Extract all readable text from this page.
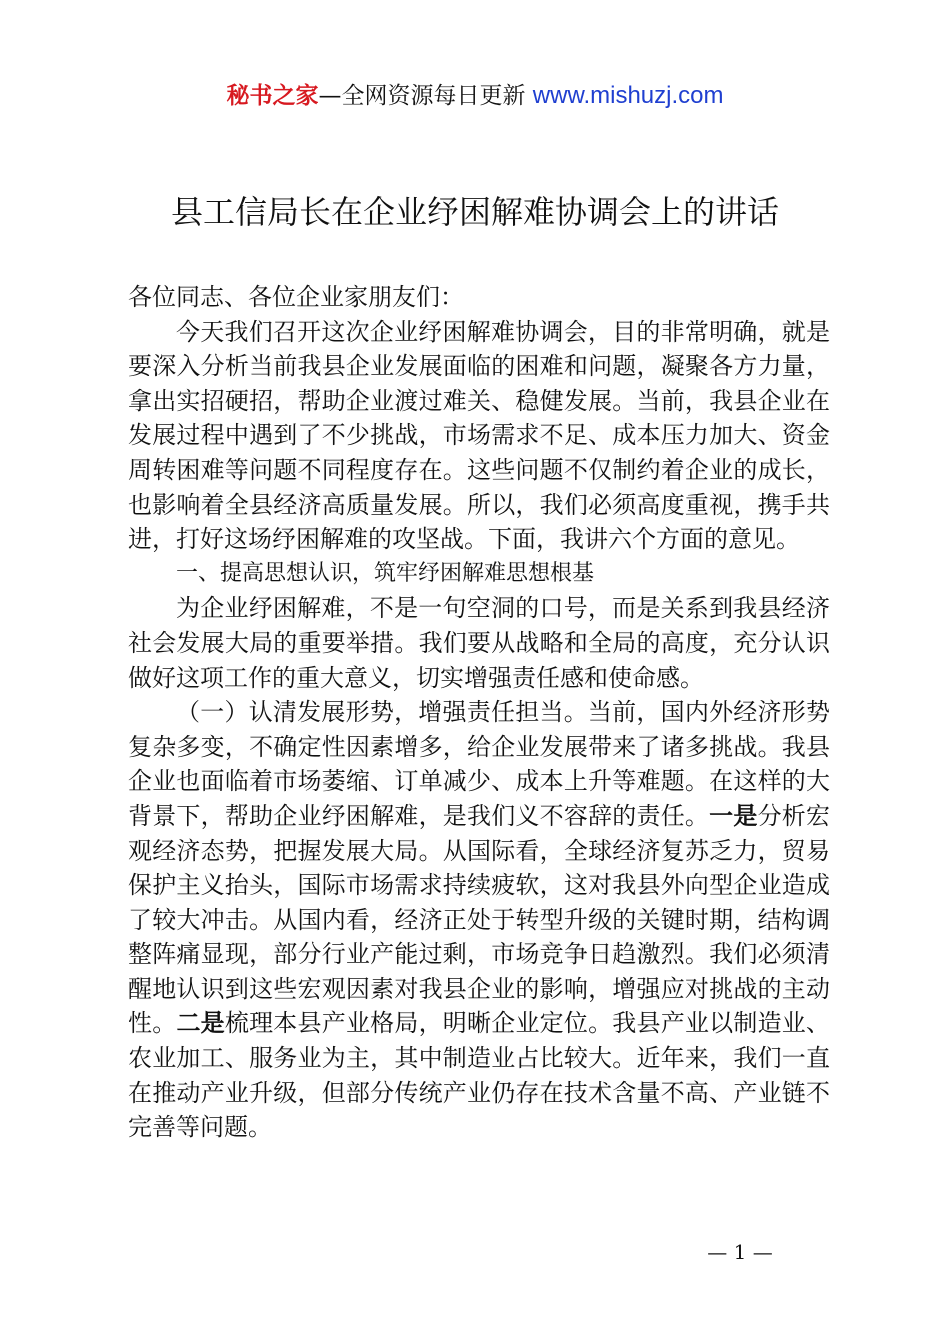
秘书之家—全网资源每日更新 www.mishuzj.com
县工信局长在企业纾困解难协调会上的讲话

各位同志、各位企业家朋友们：

今天我们召开这次企业纾困解难协调会，目的非常明确，就是要深入分析当前我县企业发展面临的困难和问题，凝聚各方力量，拿出实招硬招，帮助企业渡过难关、稳健发展。当前，我县企业在发展过程中遇到了不少挑战，市场需求不足、成本压力加大、资金周转困难等问题不同程度存在。这些问题不仅制约着企业的成长，也影响着全县经济高质量发展。所以，我们必须高度重视，携手共进，打好这场纾困解难的攻坚战。下面，我讲六个方面的意见。

一、提高思想认识，筑牢纾困解难思想根基

为企业纾困解难，不是一句空洞的口号，而是关系到我县经济社会发展大局的重要举措。我们要从战略和全局的高度，充分认识做好这项工作的重大意义，切实增强责任感和使命感。

（一）认清发展形势，增强责任担当。当前，国内外经济形势复杂多变，不确定性因素增多，给企业发展带来了诸多挑战。我县企业也面临着市场萎缩、订单减少、成本上升等难题。在这样的大背景下，帮助企业纾困解难，是我们义不容辞的责任。一是分析宏观经济态势，把握发展大局。从国际看，全球经济复苏乏力，贸易保护主义抬头，国际市场需求持续疲软，这对我县外向型企业造成了较大冲击。从国内看，经济正处于转型升级的关键时期，结构调整阵痛显现，部分行业产能过剩，市场竞争日趋激烈。我们必须清醒地认识到这些宏观因素对我县企业的影响，增强应对挑战的主动性。二是梳理本县产业格局，明晰企业定位。我县产业以制造业、农业加工、服务业为主，其中制造业占比较大。近年来，我们一直在推动产业升级，但部分传统产业仍存在技术含量不高、产业链不完善等问题。

— 1 —
